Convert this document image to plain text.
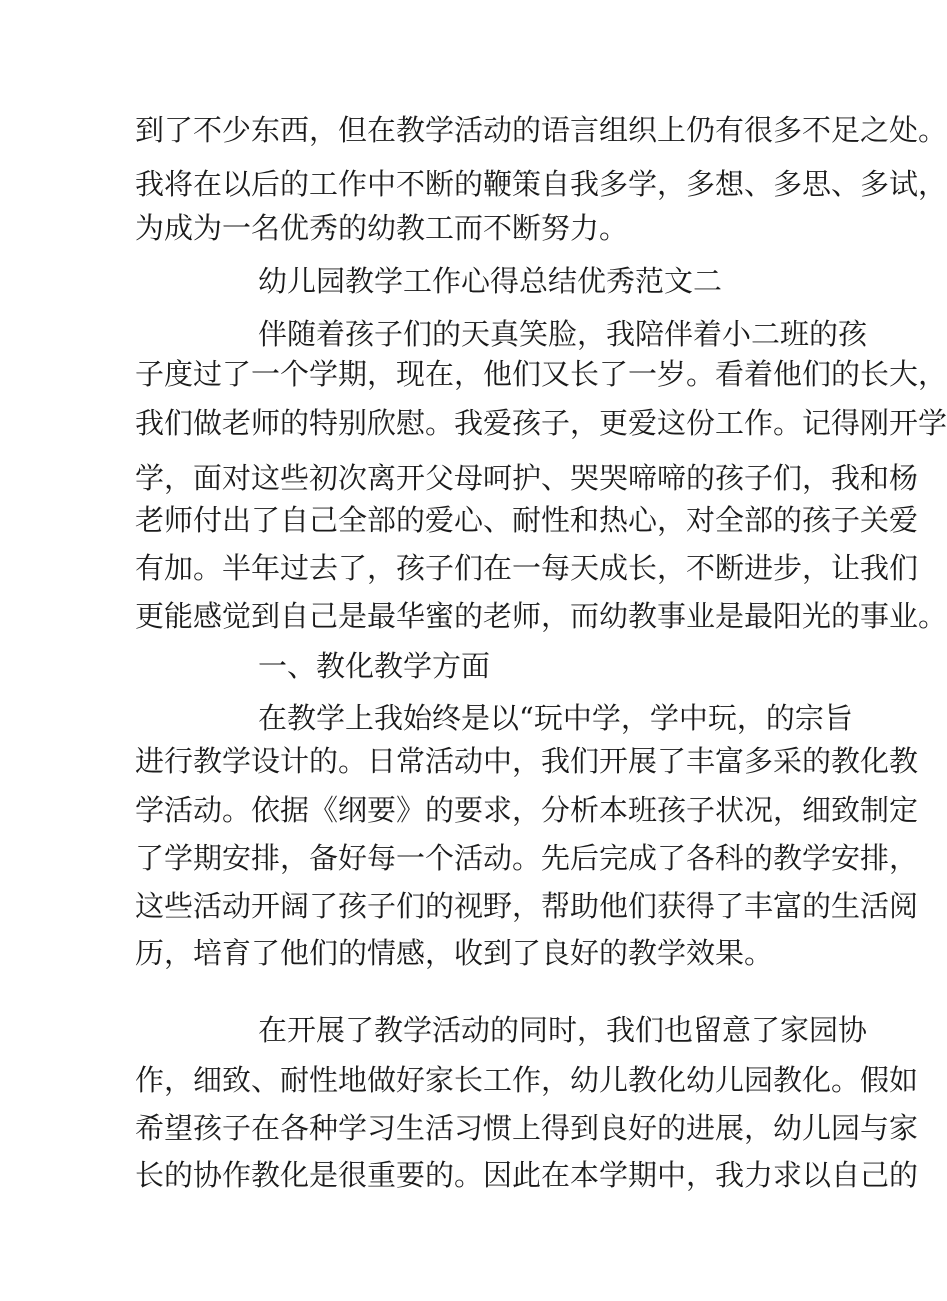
到了不少东西，但在教学活动的语言组织上仍有很多不足之处。
我将在以后的工作中不断的鞭策自我多学，多想、多思、多试，
为成为一名优秀的幼教工而不断努力。
幼儿园教学工作心得总结优秀范文二
伴随着孩子们的天真笑脸，我陪伴着小二班的孩
子度过了一个学期，现在，他们又长了一岁。看着他们的长大，
我们做老师的特别欣慰。我爱孩子，更爱这份工作。记得刚开学
学，面对这些初次离开父母呵护、哭哭啼啼的孩子们，我和杨
老师付出了自己全部的爱心、耐性和热心，对全部的孩子关爱
有加。半年过去了，孩子们在一每天成长，不断进步，让我们
更能感觉到自己是最华蜜的老师，而幼教事业是最阳光的事业。
一、教化教学方面
在教学上我始终是以“玩中学，学中玩，的宗旨
进行教学设计的。日常活动中，我们开展了丰富多采的教化教
学活动。依据《纲要》的要求，分析本班孩子状况，细致制定
了学期安排，备好每一个活动。先后完成了各科的教学安排，
这些活动开阔了孩子们的视野，帮助他们获得了丰富的生活阅
历，培育了他们的情感，收到了良好的教学效果。
在开展了教学活动的同时，我们也留意了家园协
作，细致、耐性地做好家长工作，幼儿教化幼儿园教化。假如
希望孩子在各种学习生活习惯上得到良好的进展，幼儿园与家
长的协作教化是很重要的。因此在本学期中，我力求以自己的
